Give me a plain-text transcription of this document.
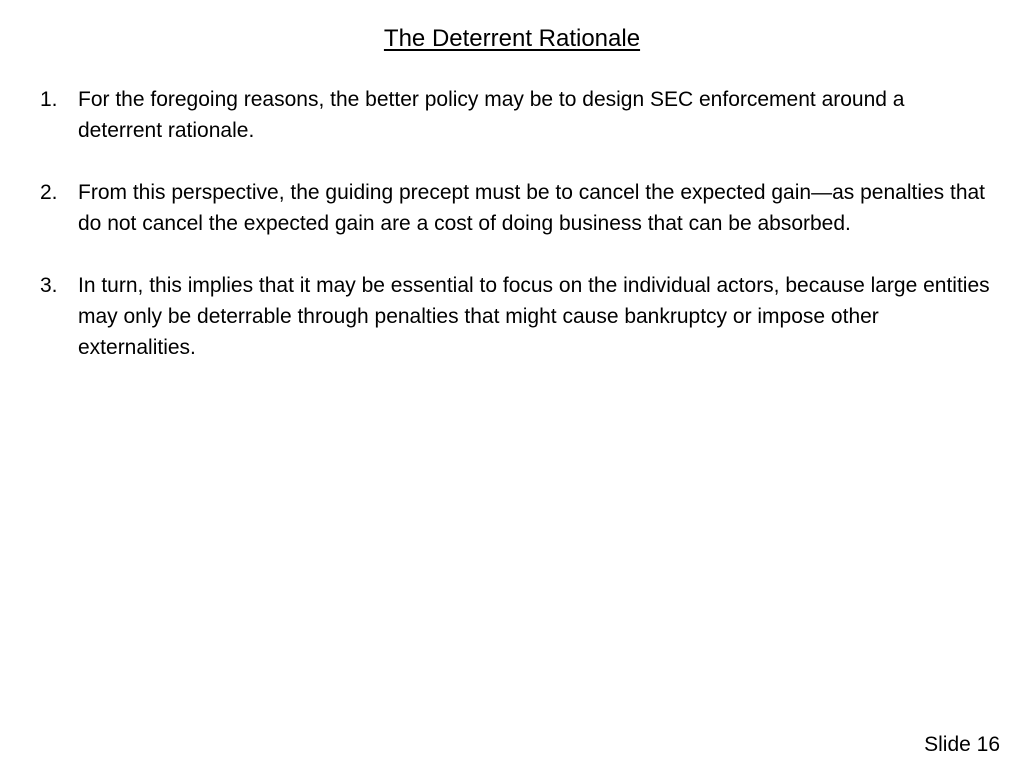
The Deterrent Rationale
1. For the foregoing reasons, the better policy may be to design SEC enforcement around a deterrent rationale.
2. From this perspective, the guiding precept must be to cancel the expected gain—as penalties that do not cancel the expected gain are a cost of doing business that can be absorbed.
3. In turn, this implies that it may be essential to focus on the individual actors, because large entities may only be deterrable through penalties that might cause bankruptcy or impose other externalities.
Slide 16
